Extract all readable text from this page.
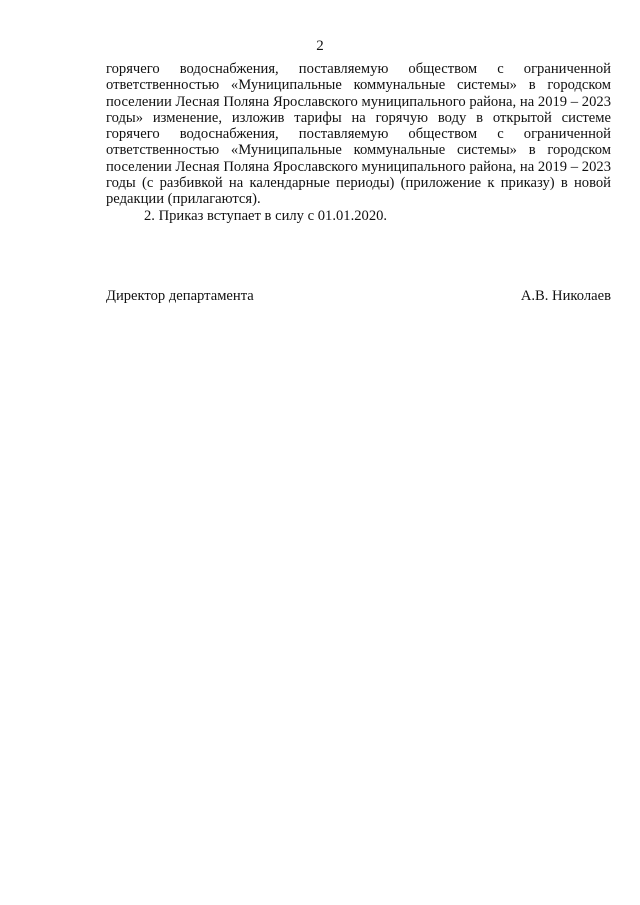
2

горячего водоснабжения, поставляемую обществом с ограниченной ответственностью «Муниципальные коммунальные системы» в городском поселении Лесная Поляна Ярославского муниципального района, на 2019 – 2023 годы» изменение, изложив тарифы на горячую воду в открытой системе горячего водоснабжения, поставляемую обществом с ограниченной ответственностью «Муниципальные коммунальные системы» в городском поселении Лесная Поляна Ярославского муниципального района, на 2019 – 2023 годы (с разбивкой на календарные периоды) (приложение к приказу) в новой редакции (прилагаются).

2. Приказ вступает в силу с 01.01.2020.

Директор департамента	А.В. Николаев
